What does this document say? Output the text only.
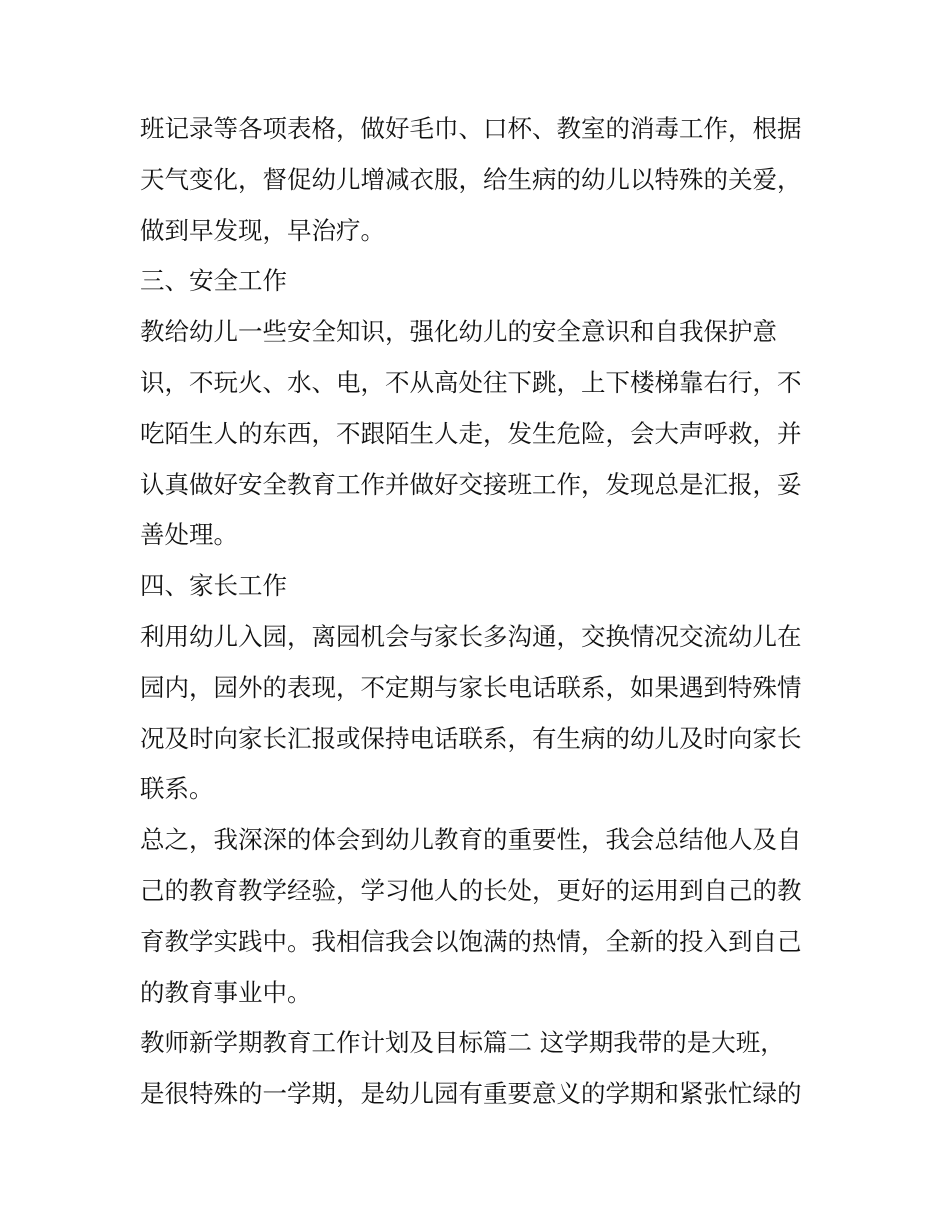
班记录等各项表格，做好毛巾、口杯、教室的消毒工作，根据
天气变化，督促幼儿增减衣服，给生病的幼儿以特殊的关爱，
做到早发现，早治疗。
三、安全工作
教给幼儿一些安全知识，强化幼儿的安全意识和自我保护意
识，不玩火、水、电，不从高处往下跳，上下楼梯靠右行，不
吃陌生人的东西，不跟陌生人走，发生危险，会大声呼救，并
认真做好安全教育工作并做好交接班工作，发现总是汇报，妥
善处理。
四、家长工作
利用幼儿入园，离园机会与家长多沟通，交换情况交流幼儿在
园内，园外的表现，不定期与家长电话联系，如果遇到特殊情
况及时向家长汇报或保持电话联系，有生病的幼儿及时向家长
联系。
总之，我深深的体会到幼儿教育的重要性，我会总结他人及自
己的教育教学经验，学习他人的长处，更好的运用到自己的教
育教学实践中。我相信我会以饱满的热情，全新的投入到自己
的教育事业中。
教师新学期教育工作计划及目标篇二 这学期我带的是大班，
是很特殊的一学期，是幼儿园有重要意义的学期和紧张忙绿的
